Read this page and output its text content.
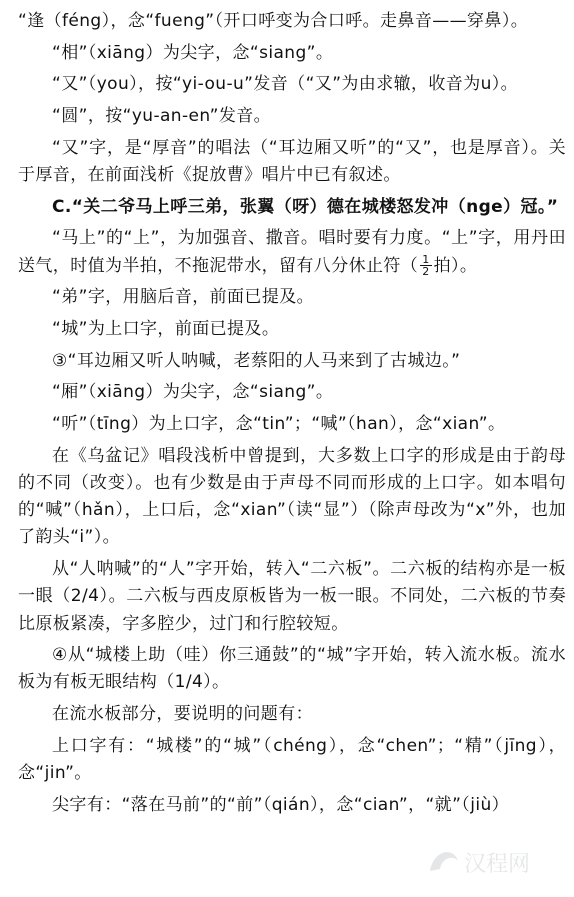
“逢（féng），念“fueng”（开口呼变为合口呼。走鼻音——穿鼻）。

“相”（xiāng）为尖字，念“siang”。

“又”（you），按“yi-ou-u”发音（“又”为由求辙，收音为u）。

“圆”，按“yu-an-en”发音。

“又”字，是“厚音”的唱法（“耳边厢又听”的“又”，也是厚音）。关于厚音，在前面浅析《捉放曹》唱片中已有叙述。

C.“关二爷马上呼三弟，张翼（呀）德在城楼怒发冲（nge）冠。”

“马上”的“上”，为加强音、撒音。唱时要有力度。“上”字，用丹田送气，时值为半拍，不拖泥带水，留有八分休止符（ $\frac{1}{2}$ 拍）。

“弟”字，用脑后音，前面已提及。

“城”为上口字，前面已提及。

③“耳边厢又听人呐喊，老蔡阳的人马来到了古城边。”

“厢”（xiāng）为尖字，念“siang”。

“听”（tīng）为上口字，念“tin”；“喊”（han），念“xian”。

在《乌盆记》唱段浅析中曾提到，大多数上口字的形成是由于韵母的不同（改变）。也有少数是由于声母不同而形成的上口字。如本唱句的“喊”（hǎn），上口后，念“xian”（读“显”）（除声母改为“x”外，也加了韵头“i”）。

从“人呐喊”的“人”字开始，转入“二六板”。二六板的结构亦是一板一眼（2/4）。二六板与西皮原板皆为一板一眼。不同处，二六板的节奏比原板紧凑，字多腔少，过门和行腔较短。

④从“城楼上助（哇）你三通鼓”的“城”字开始，转入流水板。流水板为有板无眼结构（1/4）。

在流水板部分，要说明的问题有：

上口字有：“城楼”的“城”（chéng），念“chen”；“精”（jīng），念“jin”。

尖字有：“落在马前”的“前”（qián），念“cian”，“就”（jiù）

汉程网
